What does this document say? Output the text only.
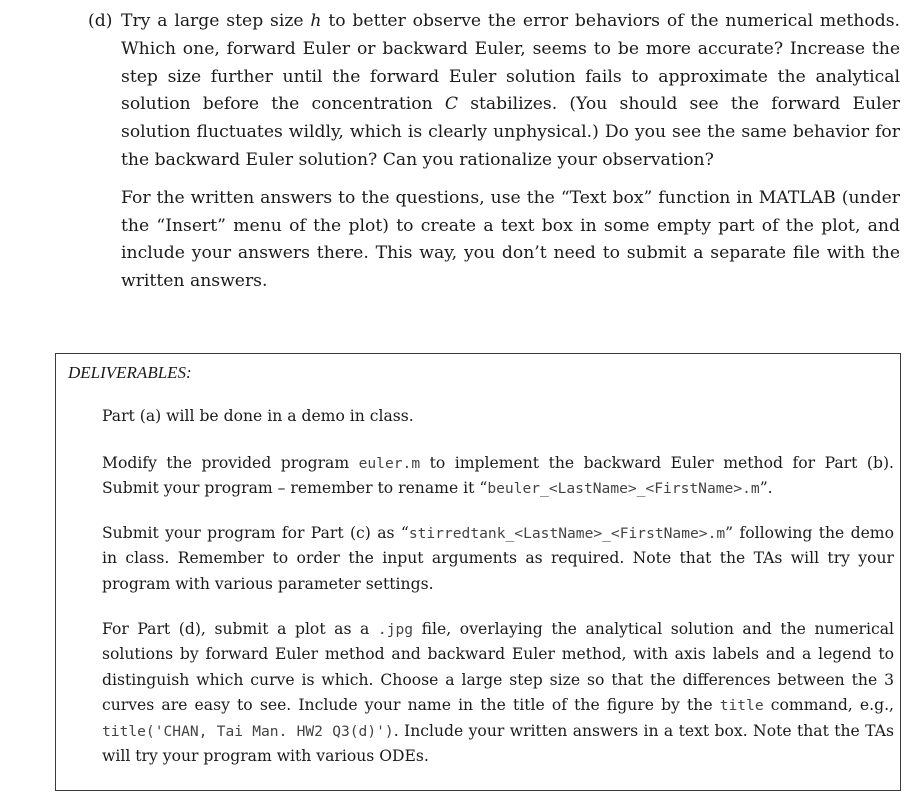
(d) Try a large step size h to better observe the error behaviors of the numerical methods. Which one, forward Euler or backward Euler, seems to be more accurate? Increase the step size further until the forward Euler solution fails to approximate the analytical solution before the concentration C stabilizes. (You should see the forward Euler solution fluctuates wildly, which is clearly unphysical.) Do you see the same behavior for the backward Euler solution? Can you rationalize your observation?
For the written answers to the questions, use the “Text box” function in MATLAB (under the “Insert” menu of the plot) to create a text box in some empty part of the plot, and include your answers there. This way, you don’t need to submit a separate file with the written answers.
DELIVERABLES:
Part (a) will be done in a demo in class.
Modify the provided program euler.m to implement the backward Euler method for Part (b). Submit your program – remember to rename it “beuler_<LastName>_<FirstName>.m”.
Submit your program for Part (c) as “stirredtank_<LastName>_<FirstName>.m” following the demo in class. Remember to order the input arguments as required. Note that the TAs will try your program with various parameter settings.
For Part (d), submit a plot as a .jpg file, overlaying the analytical solution and the numerical solutions by forward Euler method and backward Euler method, with axis labels and a legend to distinguish which curve is which. Choose a large step size so that the differences between the 3 curves are easy to see. Include your name in the title of the figure by the title command, e.g., title('CHAN, Tai Man. HW2 Q3(d)'). Include your written answers in a text box. Note that the TAs will try your program with various ODEs.
